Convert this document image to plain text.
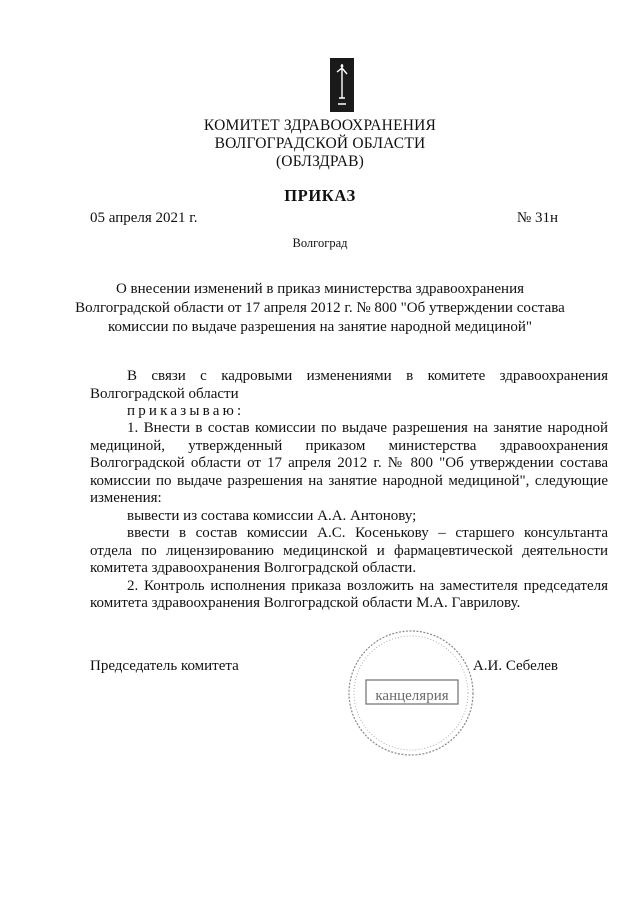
КОМИТЕТ ЗДРАВООХРАНЕНИЯ
ВОЛГОГРАДСКОЙ ОБЛАСТИ
(ОБЛЗДРАВ)
ПРИКАЗ
05 апреля 2021 г.	№ 31н
Волгоград
О внесении изменений в приказ министерства здравоохранения
Волгоградской области от 17 апреля 2012 г. № 800 "Об утверждении состава
комиссии по выдаче разрешения на занятие народной медициной"
В связи с кадровыми изменениями в комитете здравоохранения
Волгоградской области
приказываю:
1. Внести в состав комиссии по выдаче разрешения на занятие народной
медициной, утвержденный приказом министерства здравоохранения
Волгоградской области от 17 апреля 2012 г. № 800 "Об утверждении состава
комиссии по выдаче разрешения на занятие народной медициной", следующие
изменения:
вывести из состава комиссии А.А. Антонову;
ввести в состав комиссии А.С. Косенькову – старшего консультанта
отдела по лицензированию медицинской и фармацевтической деятельности
комитета здравоохранения Волгоградской области.
2. Контроль исполнения приказа возложить на заместителя председателя
комитета здравоохранения Волгоградской области М.А. Гаврилову.
канцелярия
Председатель комитета	А.И. Себелев
